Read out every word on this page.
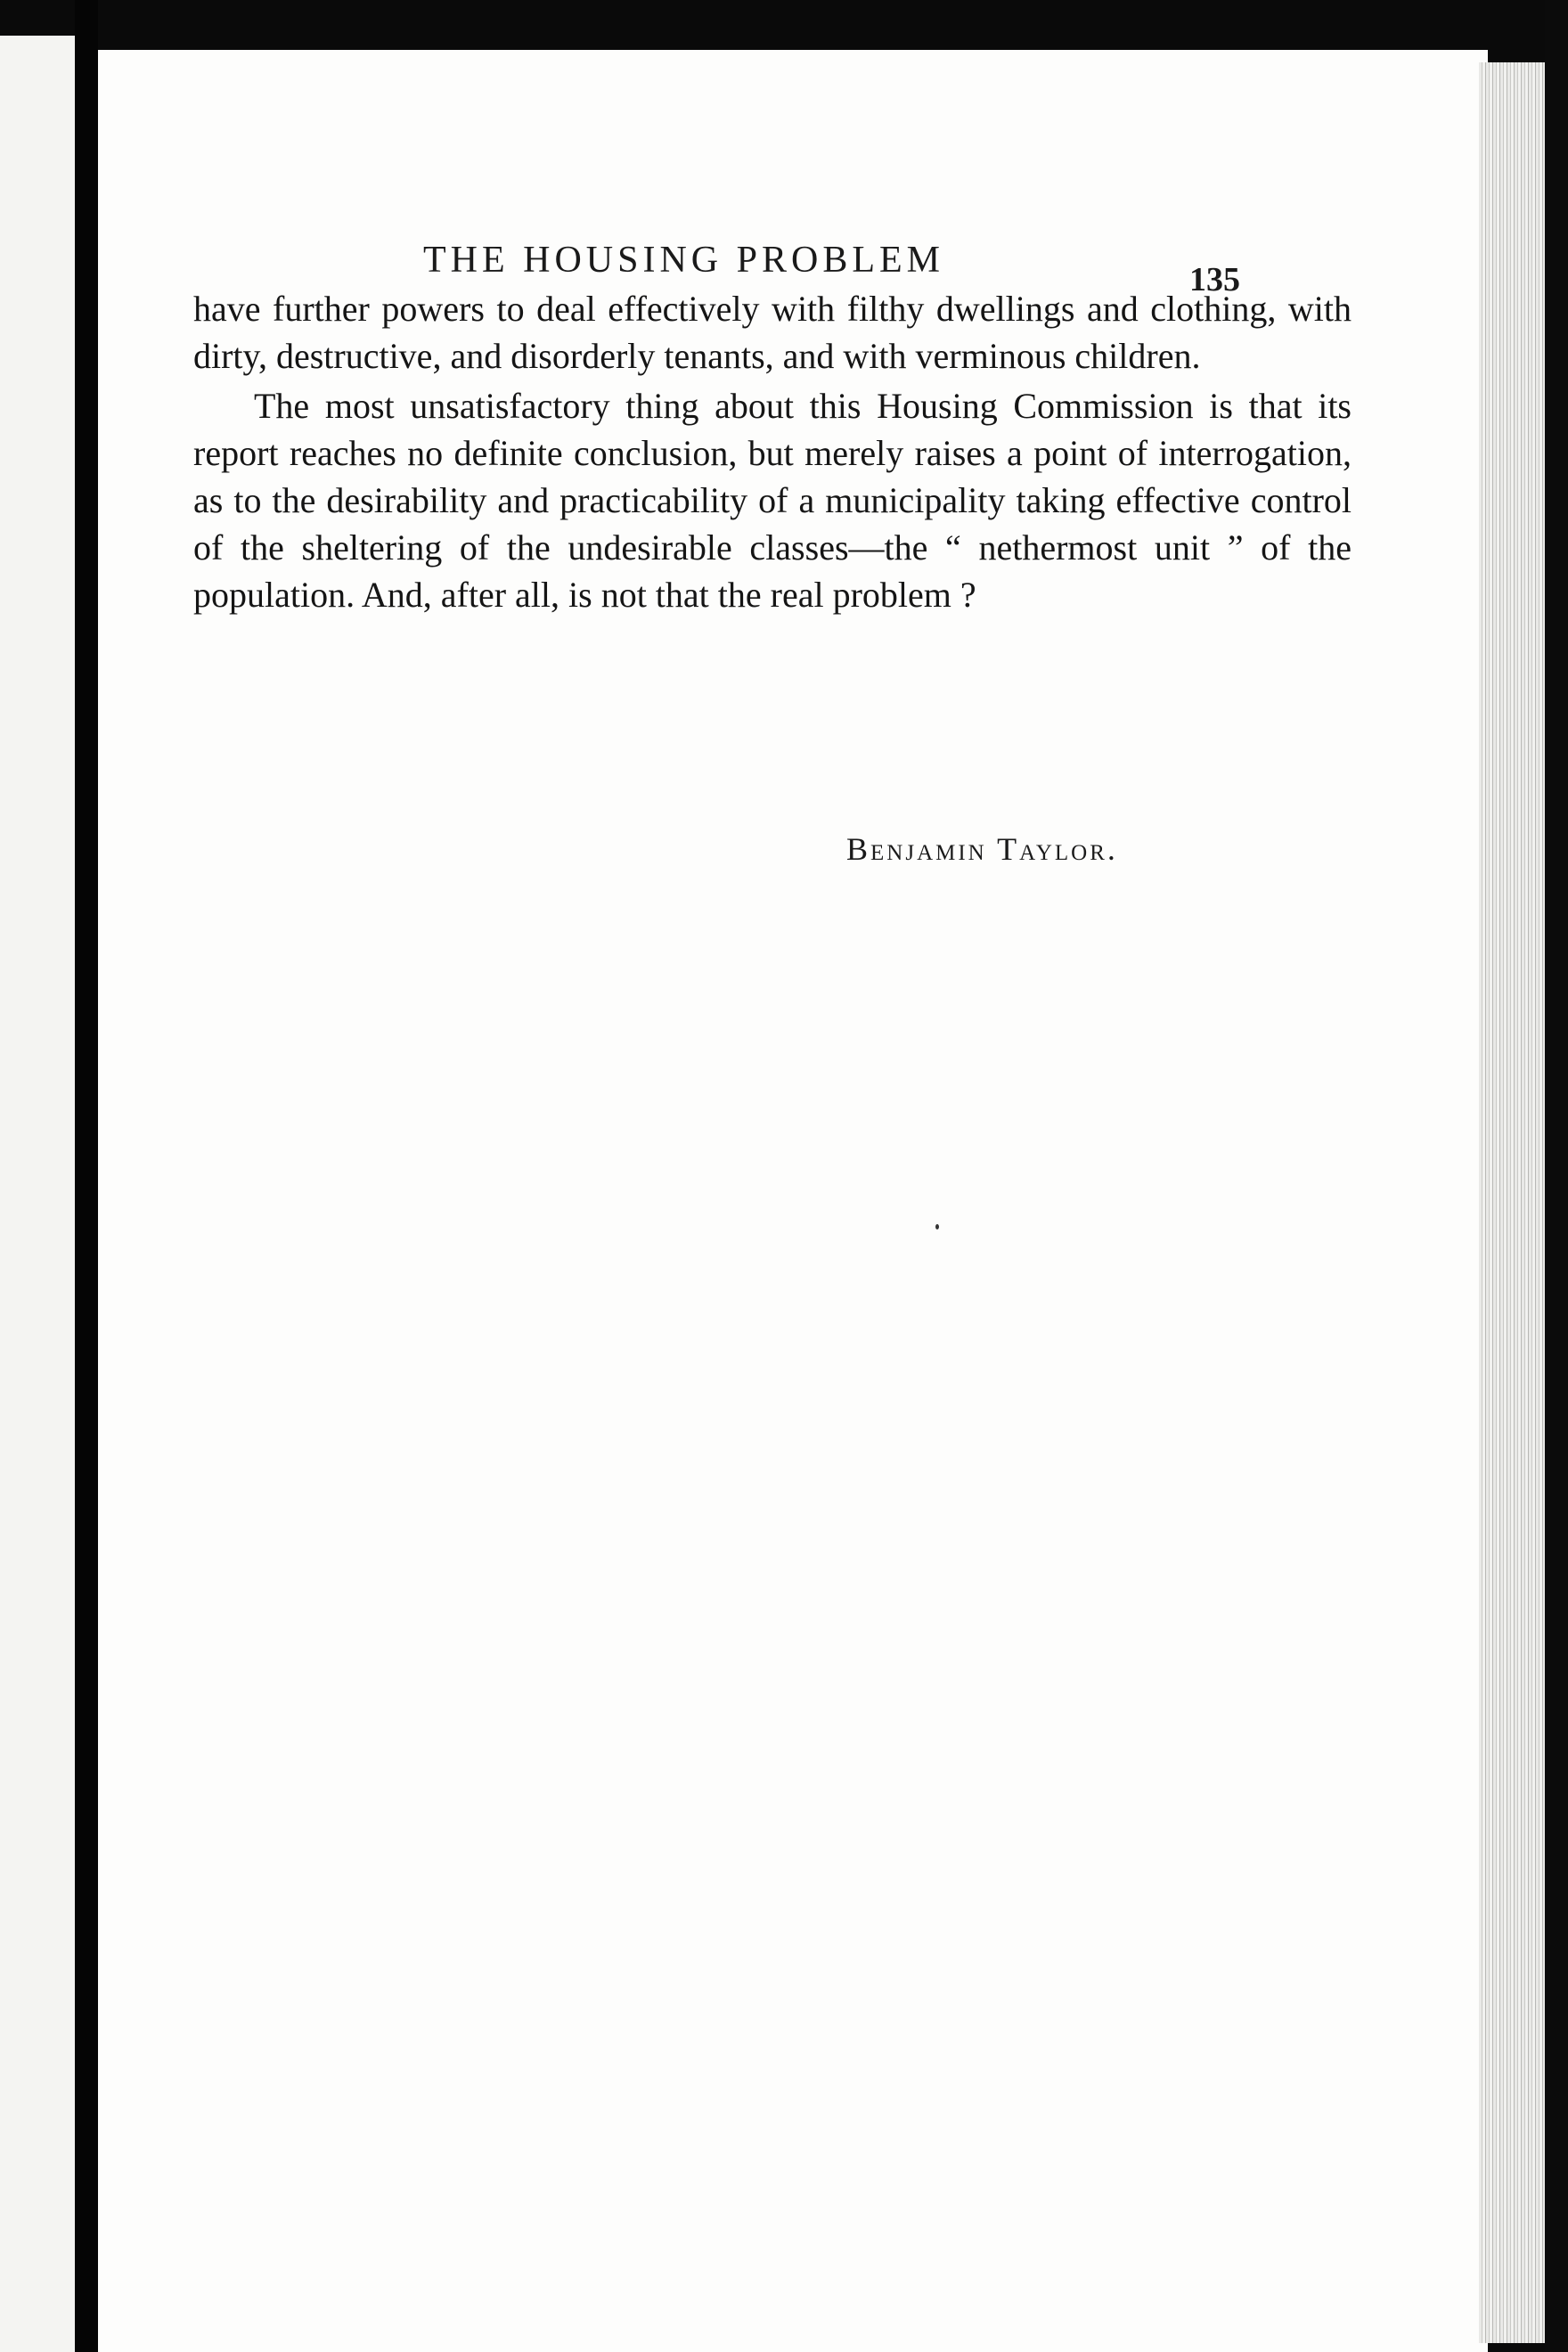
THE HOUSING PROBLEM	135

have further powers to deal effectively with filthy dwellings and clothing, with dirty, destructive, and disorderly tenants, and with verminous children.

The most unsatisfactory thing about this Housing Commission is that its report reaches no definite conclusion, but merely raises a point of interrogation, as to the desirability and practicability of a municipality taking effective control of the sheltering of the undesirable classes—the “ nethermost unit ” of the population. And, after all, is not that the real problem ?

Benjamin Taylor.
